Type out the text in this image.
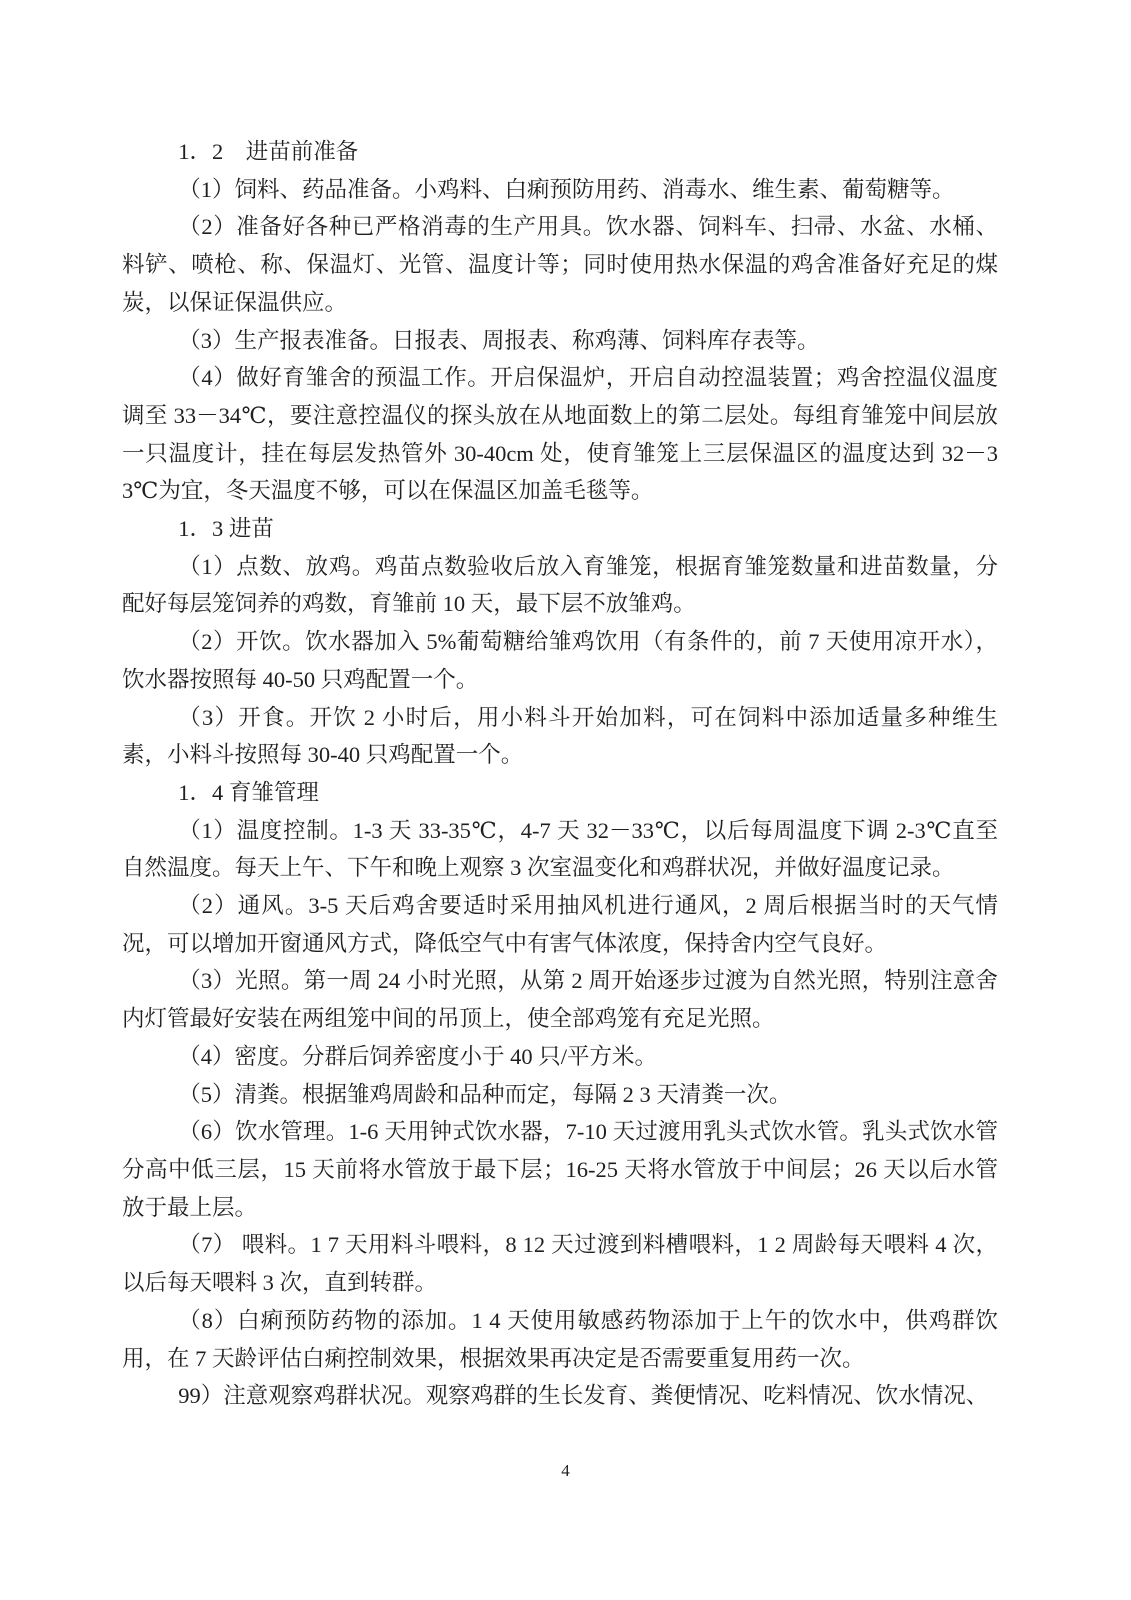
1．2　进苗前准备

（1）饲料、药品准备。小鸡料、白痢预防用药、消毒水、维生素、葡萄糖等。

（2）准备好各种已严格消毒的生产用具。饮水器、饲料车、扫帚、水盆、水桶、料铲、喷枪、称、保温灯、光管、温度计等；同时使用热水保温的鸡舍准备好充足的煤炭，以保证保温供应。

（3）生产报表准备。日报表、周报表、称鸡薄、饲料库存表等。

（4）做好育雏舍的预温工作。开启保温炉，开启自动控温装置；鸡舍控温仪温度调至 33－34℃，要注意控温仪的探头放在从地面数上的第二层处。每组育雏笼中间层放一只温度计，挂在每层发热管外 30-40cm 处，使育雏笼上三层保温区的温度达到 32－33℃为宜，冬天温度不够，可以在保温区加盖毛毯等。

1．3 进苗

（1）点数、放鸡。鸡苗点数验收后放入育雏笼，根据育雏笼数量和进苗数量，分配好每层笼饲养的鸡数，育雏前 10 天，最下层不放雏鸡。

（2）开饮。饮水器加入 5%葡萄糖给雏鸡饮用（有条件的，前 7 天使用凉开水），饮水器按照每 40-50 只鸡配置一个。

（3）开食。开饮 2 小时后，用小料斗开始加料，可在饲料中添加适量多种维生素，小料斗按照每 30-40 只鸡配置一个。

1．4 育雏管理

（1）温度控制。1-3 天 33-35℃，4-7 天 32－33℃，以后每周温度下调 2-3℃直至自然温度。每天上午、下午和晚上观察 3 次室温变化和鸡群状况，并做好温度记录。

（2）通风。3-5 天后鸡舍要适时采用抽风机进行通风，2 周后根据当时的天气情况，可以增加开窗通风方式，降低空气中有害气体浓度，保持舍内空气良好。

（3）光照。第一周 24 小时光照，从第 2 周开始逐步过渡为自然光照，特别注意舍内灯管最好安装在两组笼中间的吊顶上，使全部鸡笼有充足光照。

（4）密度。分群后饲养密度小于 40 只/平方米。

（5）清粪。根据雏鸡周龄和品种而定，每隔 2 3 天清粪一次。

（6）饮水管理。1-6 天用钟式饮水器，7-10 天过渡用乳头式饮水管。乳头式饮水管分高中低三层，15 天前将水管放于最下层；16-25 天将水管放于中间层；26 天以后水管放于最上层。

（7） 喂料。1 7 天用料斗喂料，8 12 天过渡到料槽喂料，1 2 周龄每天喂料 4 次，以后每天喂料 3 次，直到转群。

（8）白痢预防药物的添加。1 4 天使用敏感药物添加于上午的饮水中，供鸡群饮用，在 7 天龄评估白痢控制效果，根据效果再决定是否需要重复用药一次。

99）注意观察鸡群状况。观察鸡群的生长发育、粪便情况、吃料情况、饮水情况、

4
